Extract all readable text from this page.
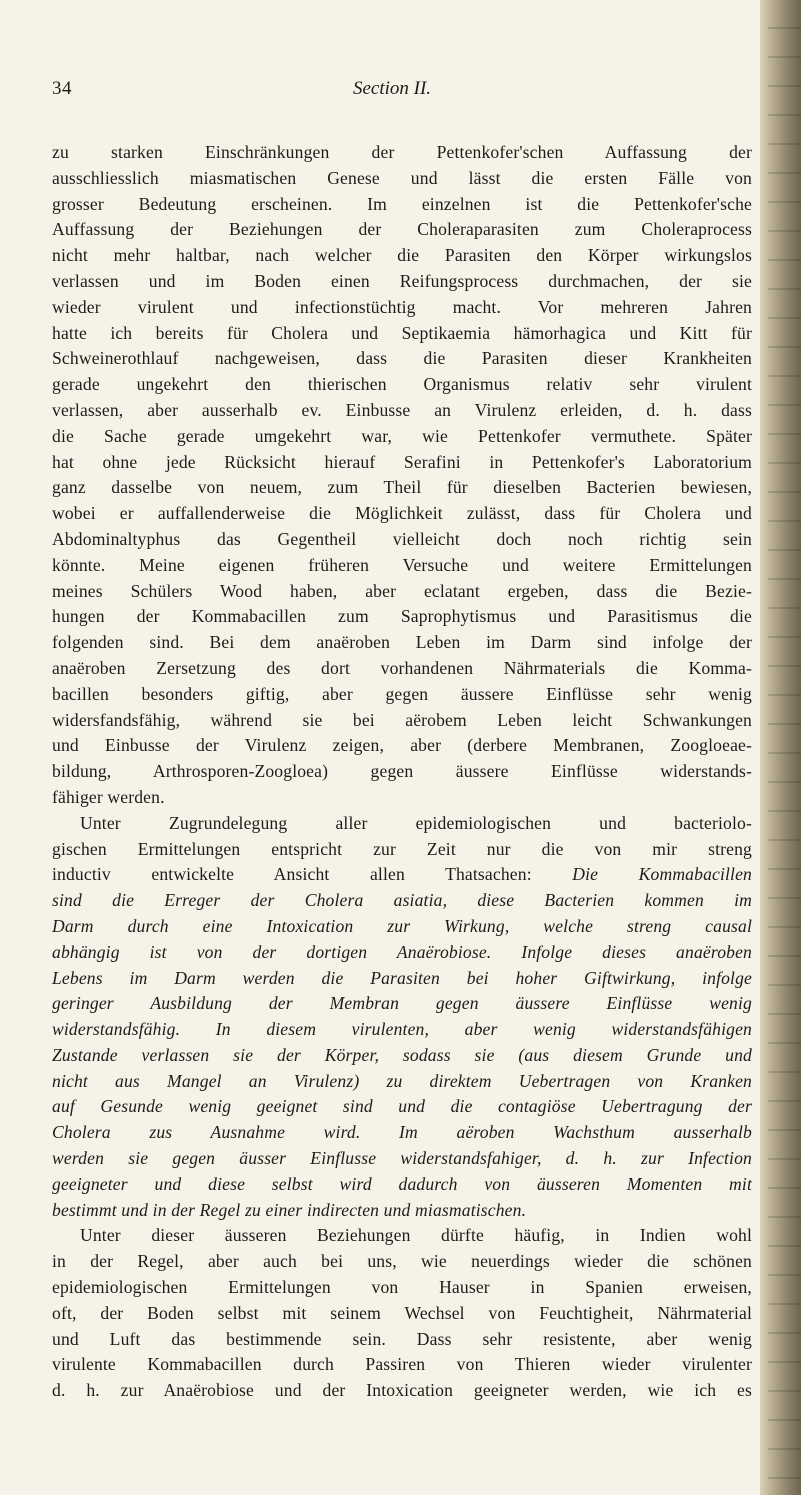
34	Section II.
zu starken Einschränkungen der Pettenkofer'schen Auffassung der
ausschliesslich miasmatischen Genese und lässt die ersten Fälle von
grosser Bedeutung erscheinen. Im einzelnen ist die Pettenkofer'sche
Auffassung der Beziehungen der Choleraparasiten zum Choleraprocess
nicht mehr haltbar, nach welcher die Parasiten den Körper wirkungslos
verlassen und im Boden einen Reifungsprocess durchmachen, der sie
wieder virulent und infectionstüchtig macht. Vor mehreren Jahren
hatte ich bereits für Cholera und Septikaemia hämorhagica und Kitt für
Schweinerothlauf nachgeweisen, dass die Parasiten dieser Krankheiten
gerade ungekehrt den thierischen Organismus relativ sehr virulent
verlassen, aber ausserhalb ev. Einbusse an Virulenz erleiden, d. h. dass
die Sache gerade umgekehrt war, wie Pettenkofer vermuthete. Später
hat ohne jede Rücksicht hierauf Serafini in Pettenkofer's Laboratorium
ganz dasselbe von neuem, zum Theil für dieselben Bacterien bewiesen,
wobei er auffallenderweise die Möglichkeit zulässt, dass für Cholera und
Abdominaltyphus das Gegentheil vielleicht doch noch richtig sein
könnte. Meine eigenen früheren Versuche und weitere Ermittelungen
meines Schülers Wood haben, aber eclatant ergeben, dass die Bezie-
hungen der Kommabacillen zum Saprophytismus und Parasitismus die
folgenden sind. Bei dem anaëroben Leben im Darm sind infolge der
anaëroben Zersetzung des dort vorhandenen Nährmaterials die Komma-
bacillen besonders giftig, aber gegen äussere Einflüsse sehr wenig
widersfandsfähig, während sie bei aërobem Leben leicht Schwankungen
und Einbusse der Virulenz zeigen, aber (derbere Membranen, Zoogloeae-
bildung, Arthrosporen-Zoogloea) gegen äussere Einflüsse widerstands-
fähiger werden.
Unter Zugrundelegung aller epidemiologischen und bacteriolo-
gischen Ermittelungen entspricht zur Zeit nur die von mir streng
inductiv entwickelte Ansicht allen Thatsachen: Die Kommabacillen
sind die Erreger der Cholera asiatia, diese Bacterien kommen im
Darm durch eine Intoxication zur Wirkung, welche streng causal
abhängig ist von der dortigen Anaërobiose. Infolge dieses anaëroben
Lebens im Darm werden die Parasiten bei hoher Giftwirkung, infolge
geringer Ausbildung der Membran gegen äussere Einflüsse wenig
widerstandsfähig. In diesem virulenten, aber wenig widerstandsfähigen
Zustande verlassen sie der Körper, sodass sie (aus diesem Grunde und
nicht aus Mangel an Virulenz) zu direktem Uebertragen von Kranken
auf Gesunde wenig geeignet sind und die contagiöse Uebertragung der
Cholera zus Ausnahme wird. Im aëroben Wachsthum ausserhalb
werden sie gegen äusser Einflusse widerstandsfahiger, d. h. zur Infection
geeigneter und diese selbst wird dadurch von äusseren Momenten mit
bestimmt und in der Regel zu einer indirecten und miasmatischen.
Unter dieser äusseren Beziehungen dürfte häufig, in Indien wohl
in der Regel, aber auch bei uns, wie neuerdings wieder die schönen
epidemiologischen Ermittelungen von Hauser in Spanien erweisen,
oft, der Boden selbst mit seinem Wechsel von Feuchtigheit, Nährmaterial
und Luft das bestimmende sein. Dass sehr resistente, aber wenig
virulente Kommabacillen durch Passiren von Thieren wieder virulenter
d. h. zur Anaërobiose und der Intoxication geeigneter werden, wie ich es
